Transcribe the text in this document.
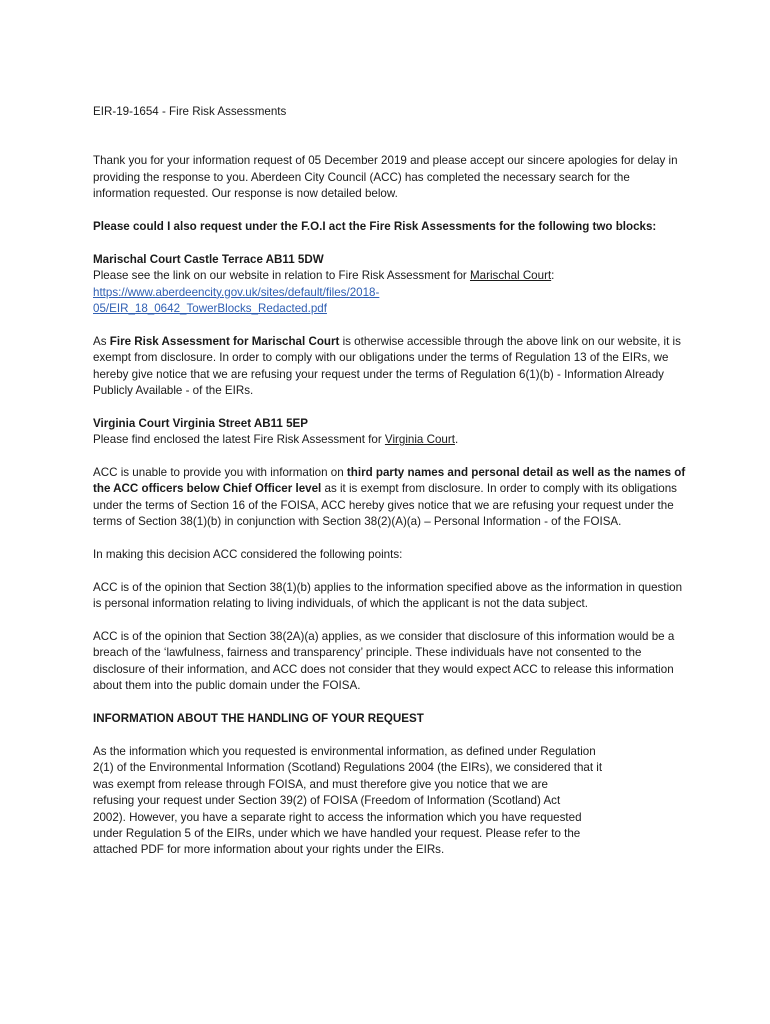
EIR-19-1654 - Fire Risk Assessments

Thank you for your information request of 05 December 2019 and please accept our sincere apologies for delay in providing the response to you. Aberdeen City Council (ACC) has completed the necessary search for the information requested. Our response is now detailed below.

Please could I also request under the F.O.I act the Fire Risk Assessments for the following two blocks:

Marischal Court Castle Terrace AB11 5DW

Please see the link on our website in relation to Fire Risk Assessment for Marischal Court:

https://www.aberdeencity.gov.uk/sites/default/files/2018-
05/EIR_18_0642_TowerBlocks_Redacted.pdf

As Fire Risk Assessment for Marischal Court is otherwise accessible through the above link on our website, it is exempt from disclosure. In order to comply with our obligations under the terms of Regulation 13 of the EIRs, we hereby give notice that we are refusing your request under the terms of Regulation 6(1)(b) - Information Already Publicly Available - of the EIRs.

Virginia Court Virginia Street AB11 5EP

Please find enclosed the latest Fire Risk Assessment for Virginia Court.

ACC is unable to provide you with information on third party names and personal detail as well as the names of the ACC officers below Chief Officer level as it is exempt from disclosure. In order to comply with its obligations under the terms of Section 16 of the FOISA, ACC hereby gives notice that we are refusing your request under the terms of Section 38(1)(b) in conjunction with Section 38(2)(A)(a) – Personal Information - of the FOISA.

In making this decision ACC considered the following points:

ACC is of the opinion that Section 38(1)(b) applies to the information specified above as the information in question is personal information relating to living individuals, of which the applicant is not the data subject.

ACC is of the opinion that Section 38(2A)(a) applies, as we consider that disclosure of this information would be a breach of the ‘lawfulness, fairness and transparency’ principle. These individuals have not consented to the disclosure of their information, and ACC does not consider that they would expect ACC to release this information about them into the public domain under the FOISA.

INFORMATION ABOUT THE HANDLING OF YOUR REQUEST

As the information which you requested is environmental information, as defined under Regulation
2(1) of the Environmental Information (Scotland) Regulations 2004 (the EIRs), we considered that it
was exempt from release through FOISA, and must therefore give you notice that we are
refusing your request under Section 39(2) of FOISA (Freedom of Information (Scotland) Act
2002). However, you have a separate right to access the information which you have requested
under Regulation 5 of the EIRs, under which we have handled your request. Please refer to the
attached PDF for more information about your rights under the EIRs.
